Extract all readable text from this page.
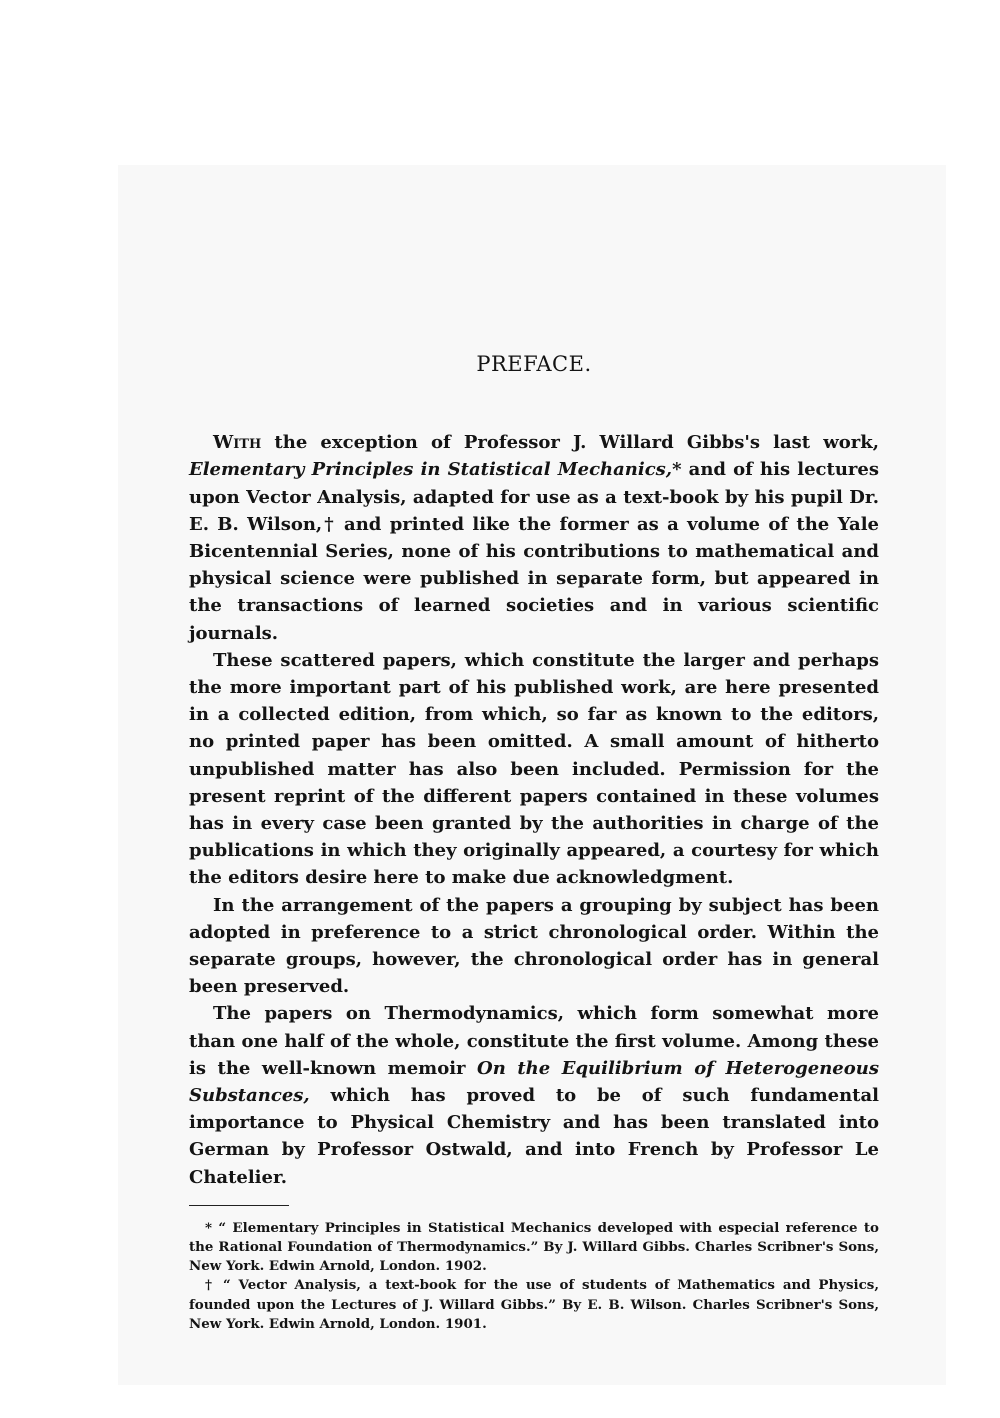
PREFACE.

With the exception of Professor J. Willard Gibbs's last work, Elementary Principles in Statistical Mechanics,* and of his lectures upon Vector Analysis, adapted for use as a text-book by his pupil Dr. E. B. Wilson,† and printed like the former as a volume of the Yale Bicentennial Series, none of his contributions to mathematical and physical science were published in separate form, but appeared in the transactions of learned societies and in various scientific journals.

These scattered papers, which constitute the larger and perhaps the more important part of his published work, are here presented in a collected edition, from which, so far as known to the editors, no printed paper has been omitted. A small amount of hitherto unpublished matter has also been included. Permission for the present reprint of the different papers contained in these volumes has in every case been granted by the authorities in charge of the publications in which they originally appeared, a courtesy for which the editors desire here to make due acknowledgment.

In the arrangement of the papers a grouping by subject has been adopted in preference to a strict chronological order. Within the separate groups, however, the chronological order has in general been preserved.

The papers on Thermodynamics, which form somewhat more than one half of the whole, constitute the first volume. Among these is the well-known memoir On the Equilibrium of Heterogeneous Substances, which has proved to be of such fundamental importance to Physical Chemistry and has been translated into German by Professor Ostwald, and into French by Professor Le Chatelier.

* “ Elementary Principles in Statistical Mechanics developed with especial reference to the Rational Foundation of Thermodynamics.” By J. Willard Gibbs. Charles Scribner's Sons, New York. Edwin Arnold, London. 1902.

† “ Vector Analysis, a text-book for the use of students of Mathematics and Physics, founded upon the Lectures of J. Willard Gibbs.” By E. B. Wilson. Charles Scribner's Sons, New York. Edwin Arnold, London. 1901.
